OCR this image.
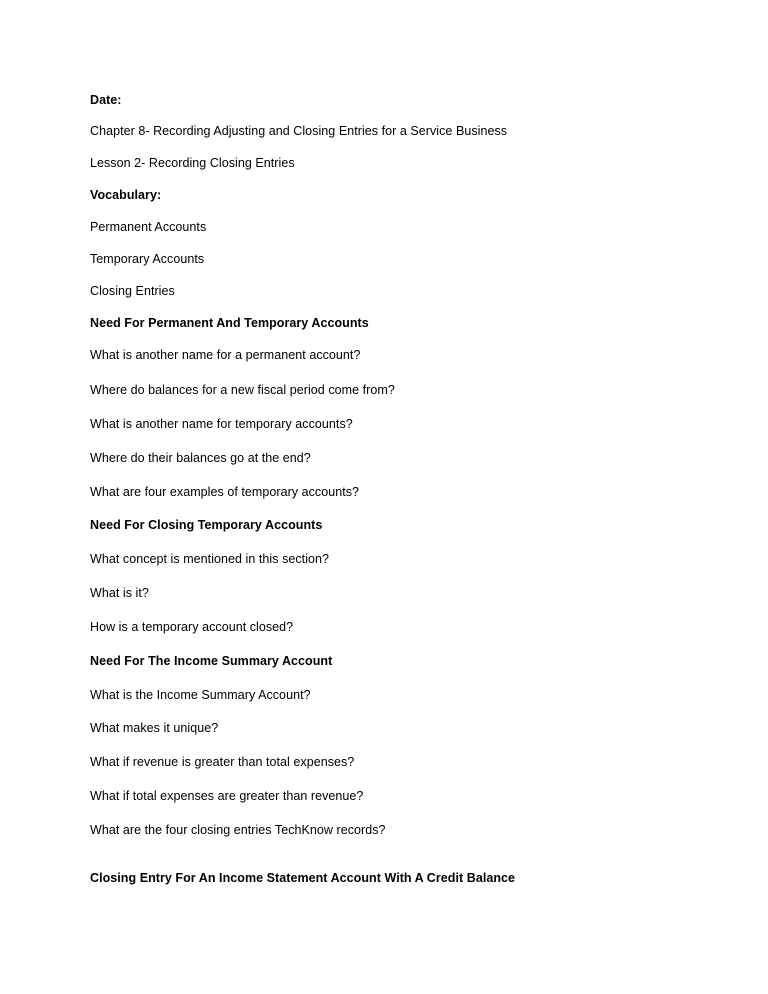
Date:
Chapter 8- Recording Adjusting and Closing Entries for a Service Business
Lesson 2- Recording Closing Entries
Vocabulary:
Permanent Accounts
Temporary Accounts
Closing Entries
Need For Permanent And Temporary Accounts
What is another name for a permanent account?
Where do balances for a new fiscal period come from?
What is another name for temporary accounts?
Where do their balances go at the end?
What are four examples of temporary accounts?
Need For Closing Temporary Accounts
What concept is mentioned in this section?
What is it?
How is a temporary account closed?
Need For The Income Summary Account
What is the Income Summary Account?
What makes it unique?
What if revenue is greater than total expenses?
What if total expenses are greater than revenue?
What are the four closing entries TechKnow records?
Closing Entry For An Income Statement Account With A Credit Balance
